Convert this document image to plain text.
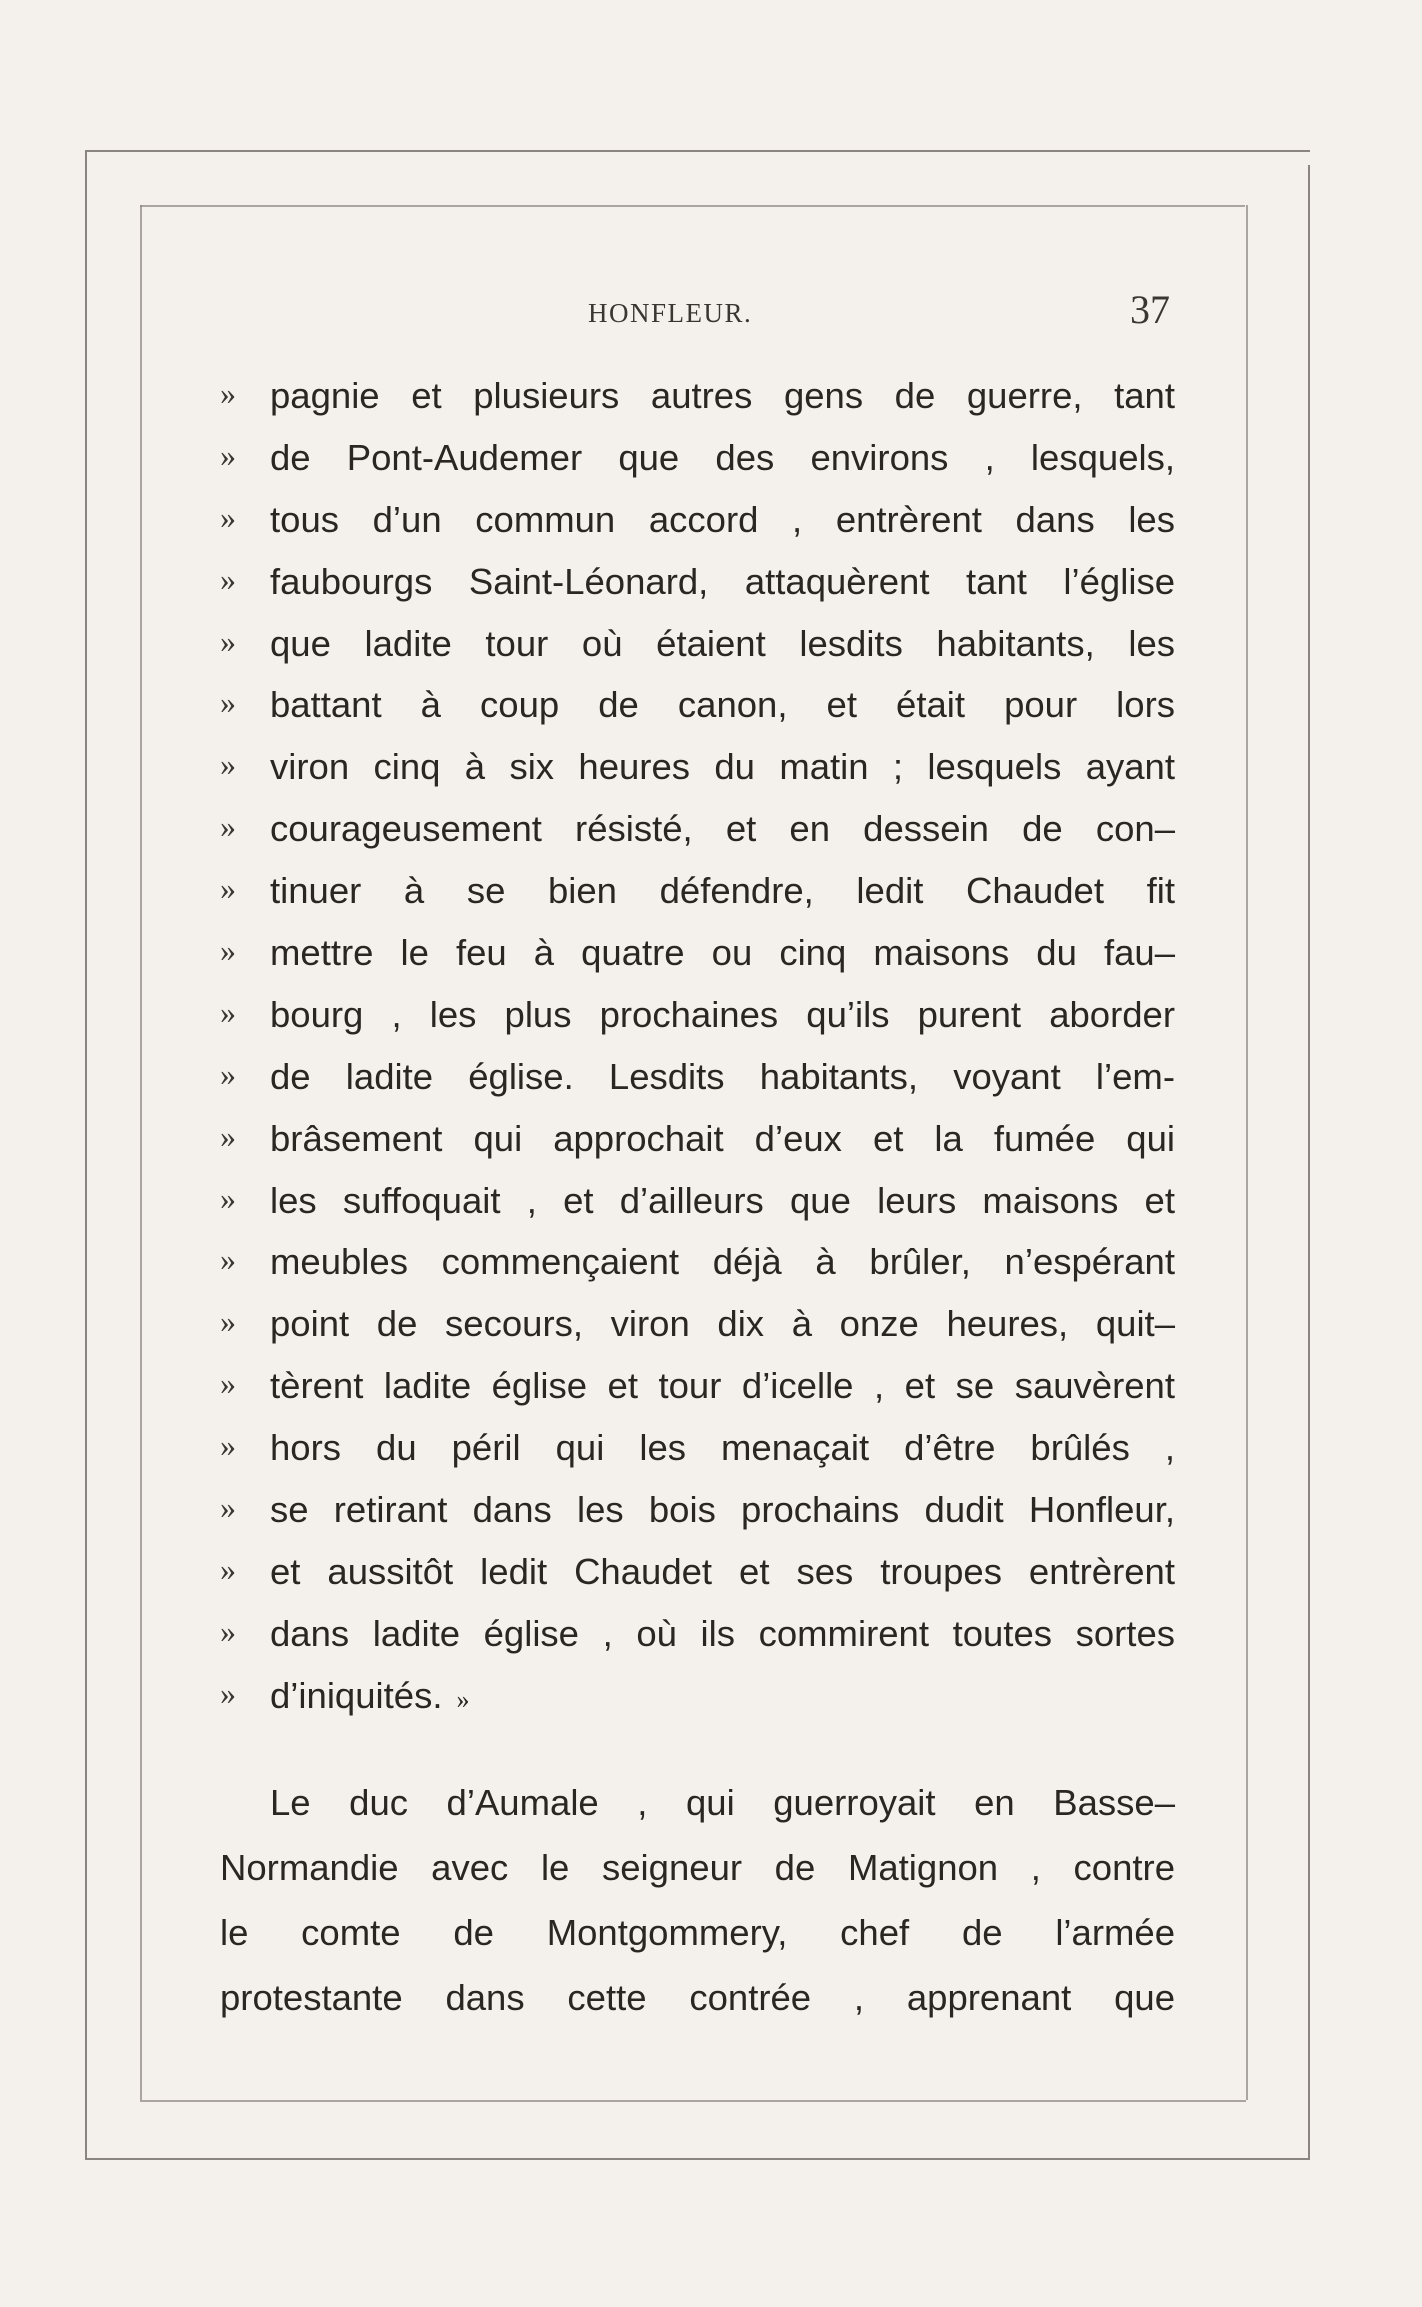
HONFLEUR.	37
» pagnie et plusieurs autres gens de guerre, tant
» de Pont-Audemer que des environs , lesquels,
» tous d’un commun accord , entrèrent dans les
» faubourgs Saint-Léonard, attaquèrent tant l’église
» que ladite tour où étaient lesdits habitants, les
» battant à coup de canon, et était pour lors
» viron cinq à six heures du matin ; lesquels ayant
» courageusement résisté, et en dessein de con–
» tinuer à se bien défendre, ledit Chaudet fit
» mettre le feu à quatre ou cinq maisons du fau–
» bourg , les plus prochaines qu’ils purent aborder
» de ladite église. Lesdits habitants, voyant l’em-
» brâsement qui approchait d’eux et la fumée qui
» les suffoquait , et d’ailleurs que leurs maisons et
» meubles commençaient déjà à brûler, n’espérant
» point de secours, viron dix à onze heures, quit–
» tèrent ladite église et tour d’icelle , et se sauvèrent
» hors du péril qui les menaçait d’être brûlés ,
» se retirant dans les bois prochains dudit Honfleur,
» et aussitôt ledit Chaudet et ses troupes entrèrent
» dans ladite église , où ils commirent toutes sortes
» d’iniquités. »
Le duc d’Aumale , qui guerroyait en Basse–
Normandie avec le seigneur de Matignon , contre
le comte de Montgommery, chef de l’armée
protestante dans cette contrée , apprenant que
